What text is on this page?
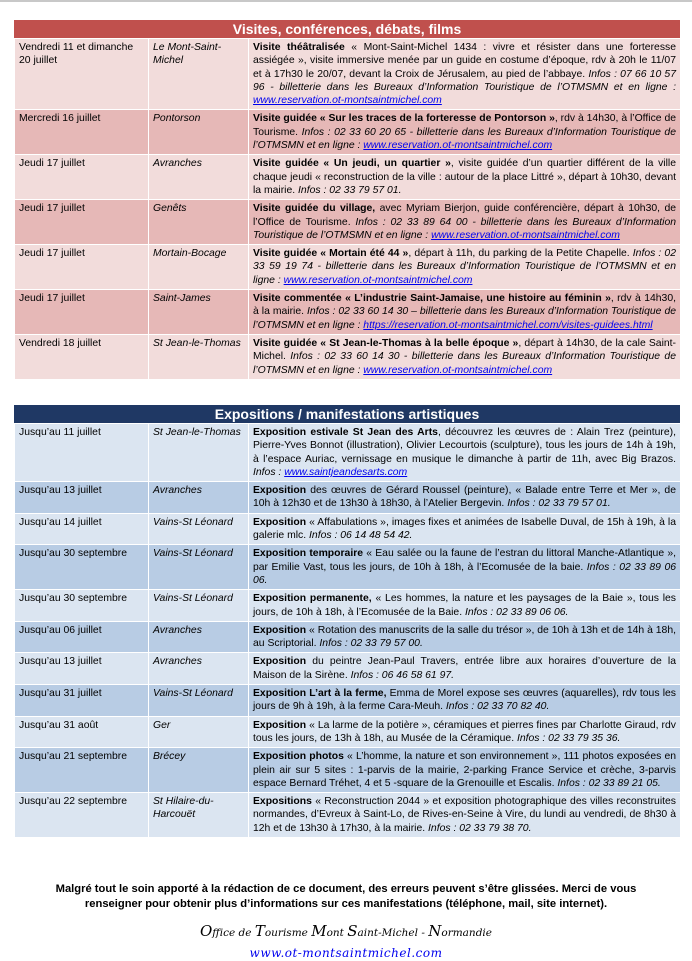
Visites, conférences, débats, films
Vendredi 11 et dimanche 20 juillet	Le Mont-Saint-Michel	Visite théâtralisée « Mont-Saint-Michel 1434 : vivre et résister dans une forteresse assiégée », visite immersive menée par un guide en costume d’époque, rdv à 20h le 11/07 et à 17h30 le 20/07, devant la Croix de Jérusalem, au pied de l’abbaye. Infos : 07 66 10 57 96 - billetterie dans les Bureaux d’Information Touristique de l’OTMSMN et en ligne : www.reservation.ot-montsaintmichel.com
Mercredi 16 juillet	Pontorson	Visite guidée « Sur les traces de la forteresse de Pontorson », rdv à 14h30, à l’Office de Tourisme. Infos : 02 33 60 20 65 - billetterie dans les Bureaux d’Information Touristique de l’OTMSMN et en ligne : www.reservation.ot-montsaintmichel.com
Jeudi 17 juillet	Avranches	Visite guidée « Un jeudi, un quartier », visite guidée d’un quartier différent de la ville chaque jeudi « reconstruction de la ville : autour de la place Littré », départ à 10h30, devant la mairie. Infos : 02 33 79 57 01.
Jeudi 17 juillet	Genêts	Visite guidée du village, avec Myriam Bierjon, guide conférencière, départ à 10h30, de l’Office de Tourisme. Infos : 02 33 89 64 00 - billetterie dans les Bureaux d’Information Touristique de l’OTMSMN et en ligne : www.reservation.ot-montsaintmichel.com
Jeudi 17 juillet	Mortain-Bocage	Visite guidée « Mortain été 44 », départ à 11h, du parking de la Petite Chapelle. Infos : 02 33 59 19 74 - billetterie dans les Bureaux d’Information Touristique de l’OTMSMN et en ligne : www.reservation.ot-montsaintmichel.com
Jeudi 17 juillet	Saint-James	Visite commentée « L’industrie Saint-Jamaise, une histoire au féminin », rdv à 14h30, à la mairie. Infos : 02 33 60 14 30 – billetterie dans les Bureaux d’Information Touristique de l’OTMSMN et en ligne : https://reservation.ot-montsaintmichel.com/visites-guidees.html
Vendredi 18 juillet	St Jean-le-Thomas	Visite guidée « St Jean-le-Thomas à la belle époque », départ à 14h30, de la cale Saint-Michel. Infos : 02 33 60 14 30 - billetterie dans les Bureaux d’Information Touristique de l’OTMSMN et en ligne : www.reservation.ot-montsaintmichel.com
Expositions / manifestations artistiques
Jusqu’au 11 juillet	St Jean-le-Thomas	Exposition estivale St Jean des Arts, découvrez les œuvres de : Alain Trez (peinture), Pierre-Yves Bonnot (illustration), Olivier Lecourtois (sculpture), tous les jours de 14h à 19h, à l’espace Auriac, vernissage en musique le dimanche à partir de 11h, avec Big Brazos. Infos : www.saintjeandesarts.com
Jusqu’au 13 juillet	Avranches	Exposition des œuvres de Gérard Roussel (peinture), « Balade entre Terre et Mer », de 10h à 12h30 et de 13h30 à 18h30, à l’Atelier Bergevin. Infos : 02 33 79 57 01.
Jusqu’au 14 juillet	Vains-St Léonard	Exposition « Affabulations », images fixes et animées de Isabelle Duval, de 15h à 19h, à la galerie mlc. Infos : 06 14 48 54 42.
Jusqu’au 30 septembre	Vains-St Léonard	Exposition temporaire « Eau salée ou la faune de l’estran du littoral Manche-Atlantique », par Emilie Vast, tous les jours, de 10h à 18h, à l’Ecomusée de la baie. Infos : 02 33 89 06 06.
Jusqu’au 30 septembre	Vains-St Léonard	Exposition permanente, « Les hommes, la nature et les paysages de la Baie », tous les jours, de 10h à 18h, à l’Ecomusée de la Baie. Infos : 02 33 89 06 06.
Jusqu’au 06 juillet	Avranches	Exposition « Rotation des manuscrits de la salle du trésor », de 10h à 13h et de 14h à 18h, au Scriptorial. Infos : 02 33 79 57 00.
Jusqu’au 13 juillet	Avranches	Exposition du peintre Jean-Paul Travers, entrée libre aux horaires d’ouverture de la Maison de la Sirène. Infos : 06 46 58 61 97.
Jusqu’au 31 juillet	Vains-St Léonard	Exposition L’art à la ferme, Emma de Morel expose ses œuvres (aquarelles), rdv tous les jours de 9h à 19h, à la ferme Cara-Meuh. Infos : 02 33 70 82 40.
Jusqu’au 31 août	Ger	Exposition « La larme de la potière », céramiques et pierres fines par Charlotte Giraud, rdv tous les jours, de 13h à 18h, au Musée de la Céramique. Infos : 02 33 79 35 36.
Jusqu’au 21 septembre	Brécey	Exposition photos « L’homme, la nature et son environnement », 111 photos exposées en plein air sur 5 sites : 1-parvis de la mairie, 2-parking France Service et crèche, 3-parvis espace Bernard Tréhet, 4 et 5 -square de la Grenouille et Escalis. Infos : 02 33 89 21 05.
Jusqu’au 22 septembre	St Hilaire-du-Harcouët	Expositions « Reconstruction 2044 » et exposition photographique des villes reconstruites normandes, d’Evreux à Saint-Lo, de Rives-en-Seine à Vire, du lundi au vendredi, de 8h30 à 12h et de 13h30 à 17h30, à la mairie. Infos : 02 33 79 38 70.
Malgré tout le soin apporté à la rédaction de ce document, des erreurs peuvent s’être glissées. Merci de vous renseigner pour obtenir plus d’informations sur ces manifestations (téléphone, mail, site internet).
Office de Tourisme Mont Saint-Michel - Normandie
www.ot-montsaintmichel.com
